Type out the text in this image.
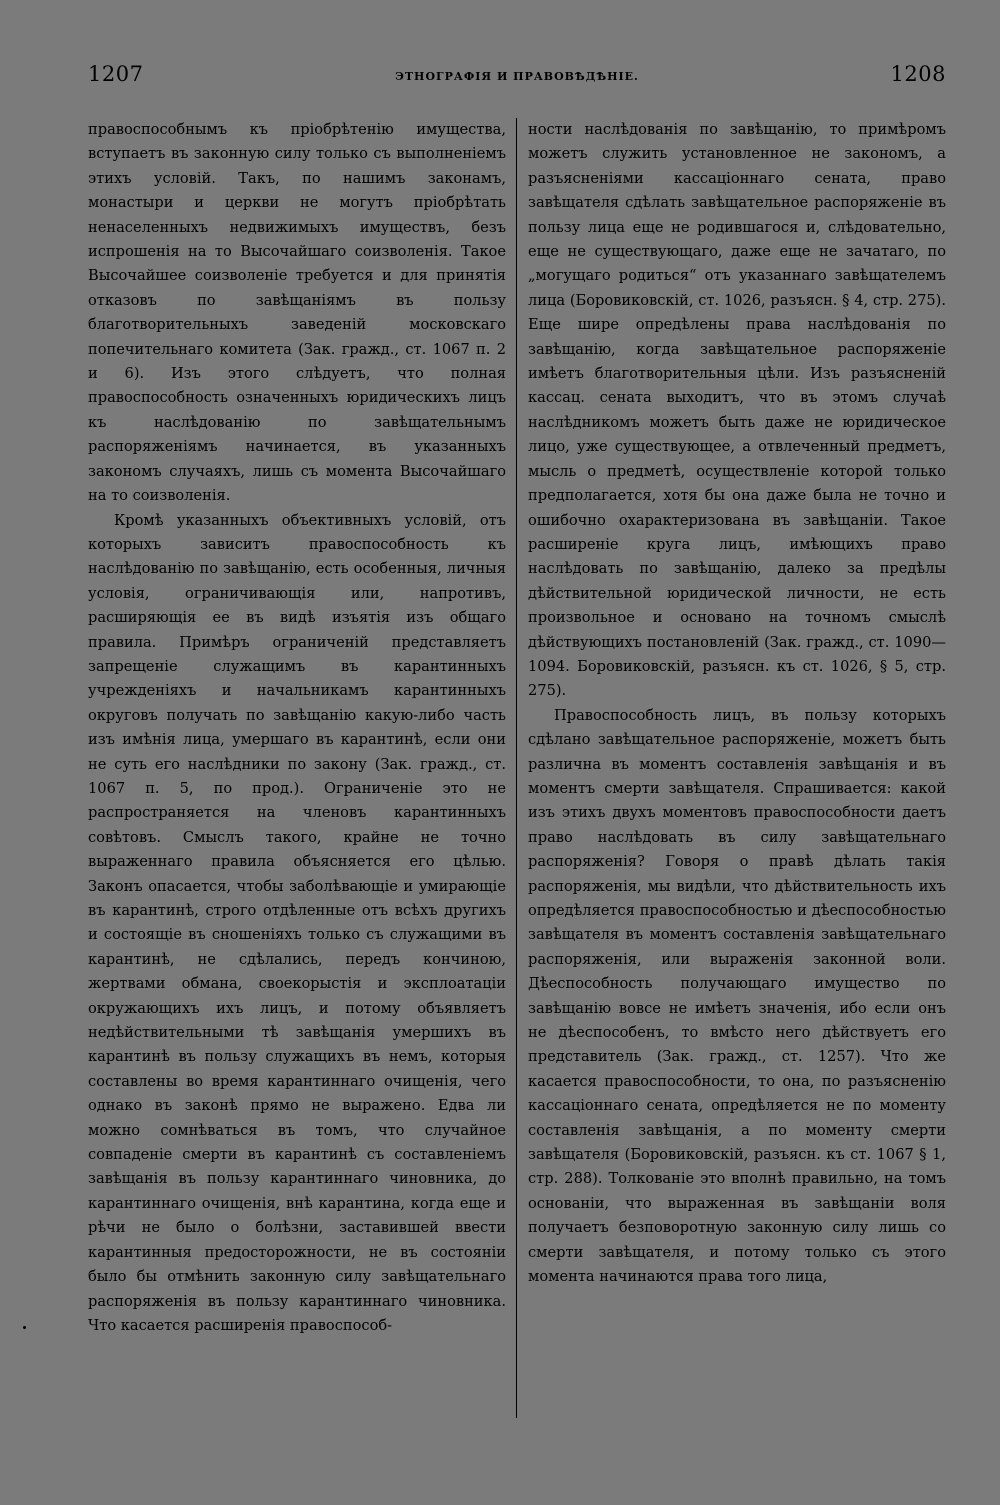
1207	ЭТНОГРАФІЯ И ПРАВОВѢДѢНІЕ.	1208

правоспособнымъ къ пріобрѣтенію имущества, вступаетъ въ законную силу только съ выполненіемъ этихъ условій. Такъ, по нашимъ законамъ, монастыри и церкви не могутъ пріобрѣтать ненаселенныхъ недвижимыхъ имуществъ, безъ испрошенія на то Высочайшаго соизволенія. Такое Высочайшее соизволеніе требуется и для принятія отказовъ по завѣщаніямъ въ пользу благотворительныхъ заведеній московскаго попечительнаго комитета (Зак. гражд., ст. 1067 п. 2 и 6). Изъ этого слѣдуетъ, что полная правоспособность означенныхъ юридическихъ лицъ къ наслѣдованію по завѣщательнымъ распоряженіямъ начинается, въ указанныхъ закономъ случаяхъ, лишь съ момента Высочайшаго на то соизволенія.

Кромѣ указанныхъ объективныхъ условій, отъ которыхъ зависитъ правоспособность къ наслѣдованію по завѣщанію, есть особенныя, личныя условія, ограничивающія или, напротивъ, расширяющія ее въ видѣ изъятія изъ общаго правила. Примѣръ ограниченій представляетъ запрещеніе служащимъ въ карантинныхъ учрежденіяхъ и начальникамъ карантинныхъ округовъ получать по завѣщанію какую-либо часть изъ имѣнія лица, умершаго въ карантинѣ, если они не суть его наслѣдники по закону (Зак. гражд., ст. 1067 п. 5, по прод.). Ограниченіе это не распространяется на членовъ карантинныхъ совѣтовъ. Смыслъ такого, крайне не точно выраженнаго правила объясняется его цѣлью. Законъ опасается, чтобы заболѣвающіе и умирающіе въ карантинѣ, строго отдѣленные отъ всѣхъ другихъ и состоящіе въ сношеніяхъ только съ служащими въ карантинѣ, не сдѣлались, передъ кончиною, жертвами обмана, своекорыстія и эксплоатаціи окружающихъ ихъ лицъ, и потому объявляетъ недѣйствительными тѣ завѣщанія умершихъ въ карантинѣ въ пользу служащихъ въ немъ, которыя составлены во время карантиннаго очищенія, чего однако въ законѣ прямо не выражено. Едва ли можно сомнѣваться въ томъ, что случайное совпаденіе смерти въ карантинѣ съ составленіемъ завѣщанія въ пользу карантиннаго чиновника, до карантиннаго очищенія, внѣ карантина, когда еще и рѣчи не было о болѣзни, заставившей ввести карантинныя предосторожности, не въ состояніи было бы отмѣнить законную силу завѣщательнаго распоряженія въ пользу карантиннаго чиновника. Что касается расширенія правоспособ-

ности наслѣдованія по завѣщанію, то примѣромъ можетъ служить установленное не закономъ, а разъясненіями кассаціоннаго сената, право завѣщателя сдѣлать завѣщательное распоряженіе въ пользу лица еще не родившагося и, слѣдовательно, еще не существующаго, даже еще не зачатаго, по „могущаго родиться“ отъ указаннаго завѣщателемъ лица (Боровиковскій, ст. 1026, разъясн. § 4, стр. 275). Еще шире опредѣлены права наслѣдованія по завѣщанію, когда завѣщательное распоряженіе имѣетъ благотворительныя цѣли. Изъ разъясненій кассац. сената выходитъ, что въ этомъ случаѣ наслѣдникомъ можетъ быть даже не юридическое лицо, уже существующее, а отвлеченный предметъ, мысль о предметѣ, осуществленіе которой только предполагается, хотя бы она даже была не точно и ошибочно охарактеризована въ завѣщаніи. Такое расширеніе круга лицъ, имѣющихъ право наслѣдовать по завѣщанію, далеко за предѣлы дѣйствительной юридической личности, не есть произвольное и основано на точномъ смыслѣ дѣйствующихъ постановленій (Зак. гражд., ст. 1090—1094. Боровиковскій, разъясн. къ ст. 1026, § 5, стр. 275).

Правоспособность лицъ, въ пользу которыхъ сдѣлано завѣщательное распоряженіе, можетъ быть различна въ моментъ составленія завѣщанія и въ моментъ смерти завѣщателя. Спрашивается: какой изъ этихъ двухъ моментовъ правоспособности даетъ право наслѣдовать въ силу завѣщательнаго распоряженія? Говоря о правѣ дѣлать такія распоряженія, мы видѣли, что дѣйствительность ихъ опредѣляется правоспособностью и дѣеспособностью завѣщателя въ моментъ составленія завѣщательнаго распоряженія, или выраженія законной воли. Дѣеспособность получающаго имущество по завѣщанію вовсе не имѣетъ значенія, ибо если онъ не дѣеспособенъ, то вмѣсто него дѣйствуетъ его представитель (Зак. гражд., ст. 1257). Что же касается правоспособности, то она, по разъясненію кассаціоннаго сената, опредѣляется не по моменту составленія завѣщанія, а по моменту смерти завѣщателя (Боровиковскій, разъясн. къ ст. 1067 § 1, стр. 288). Толкованіе это вполнѣ правильно, на томъ основаніи, что выраженная въ завѣщаніи воля получаетъ безповоротную законную силу лишь со смерти завѣщателя, и потому только съ этого момента начинаются права того лица,
